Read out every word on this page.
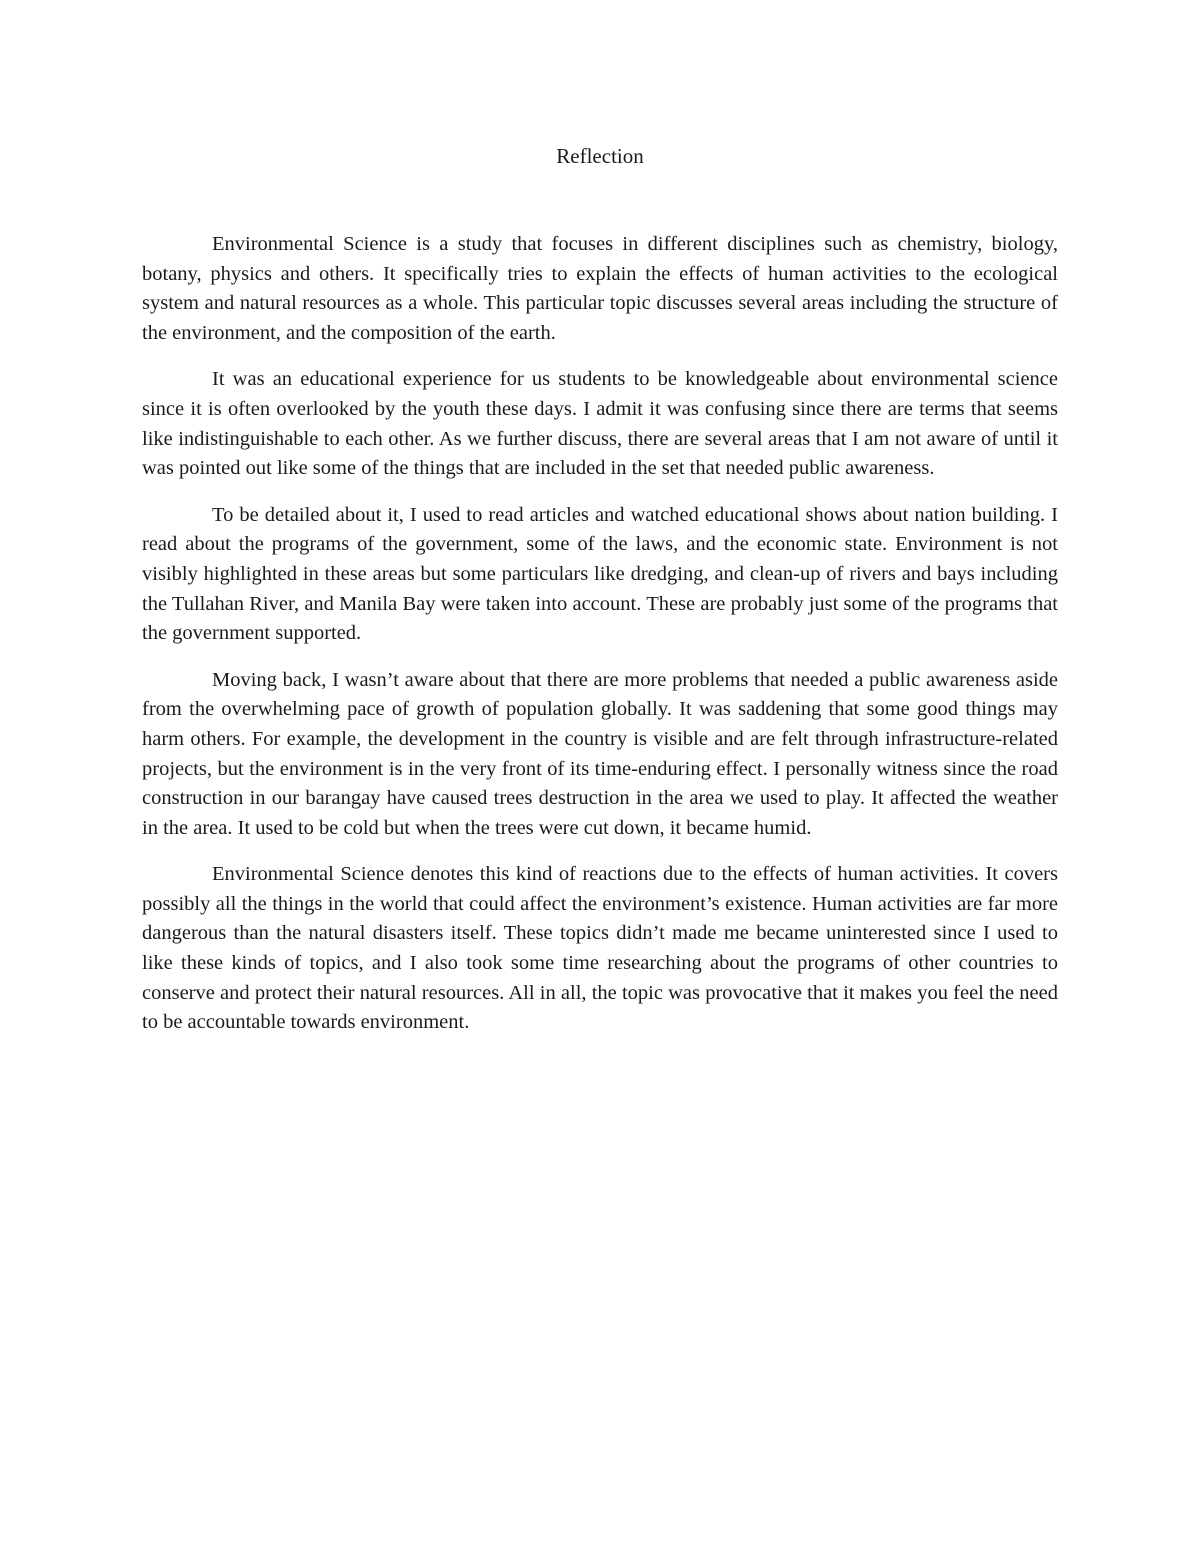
Reflection

Environmental Science is a study that focuses in different disciplines such as chemistry, biology, botany, physics and others. It specifically tries to explain the effects of human activities to the ecological system and natural resources as a whole. This particular topic discusses several areas including the structure of the environment, and the composition of the earth.

It was an educational experience for us students to be knowledgeable about environmental science since it is often overlooked by the youth these days. I admit it was confusing since there are terms that seems like indistinguishable to each other. As we further discuss, there are several areas that I am not aware of until it was pointed out like some of the things that are included in the set that needed public awareness.

To be detailed about it, I used to read articles and watched educational shows about nation building. I read about the programs of the government, some of the laws, and the economic state. Environment is not visibly highlighted in these areas but some particulars like dredging, and clean-up of rivers and bays including the Tullahan River, and Manila Bay were taken into account. These are probably just some of the programs that the government supported.

Moving back, I wasn’t aware about that there are more problems that needed a public awareness aside from the overwhelming pace of growth of population globally. It was saddening that some good things may harm others. For example, the development in the country is visible and are felt through infrastructure-related projects, but the environment is in the very front of its time-enduring effect. I personally witness since the road construction in our barangay have caused trees destruction in the area we used to play. It affected the weather in the area. It used to be cold but when the trees were cut down, it became humid.

Environmental Science denotes this kind of reactions due to the effects of human activities. It covers possibly all the things in the world that could affect the environment’s existence. Human activities are far more dangerous than the natural disasters itself. These topics didn’t made me became uninterested since I used to like these kinds of topics, and I also took some time researching about the programs of other countries to conserve and protect their natural resources. All in all, the topic was provocative that it makes you feel the need to be accountable towards environment.
